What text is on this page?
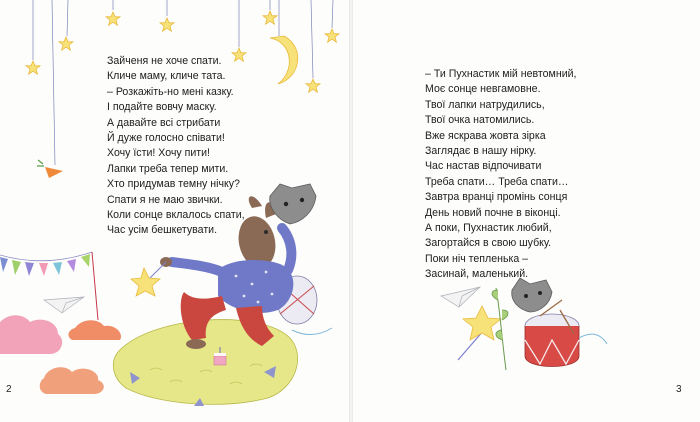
Зайченя не хоче спати.
Кличе маму, кличе тата.
– Розкажіть-но мені казку.
І подайте вовчу маску.
А давайте всі стрибати
Й дуже голосно співати!
Хочу їсти! Хочу пити!
Лапки треба тепер мити.
Хто придумав темну нічку?
Спати я не маю звички.
Коли сонце вклалось спати,
Час усім бешкетувати.
– Ти Пухнастик мій невтомний,
Моє сонце невгамовне.
Твої лапки натрудились,
Твої очка натомились.
Вже яскрава жовта зірка
Заглядає в нашу нірку.
Час настав відпочивати
Треба спати… Треба спати…
Завтра вранці промінь сонця
День новий почне в віконці.
А поки, Пухнастик любий,
Загортайся в свою шубку.
Поки ніч тепленька –
Засинай, маленький.
2	3
